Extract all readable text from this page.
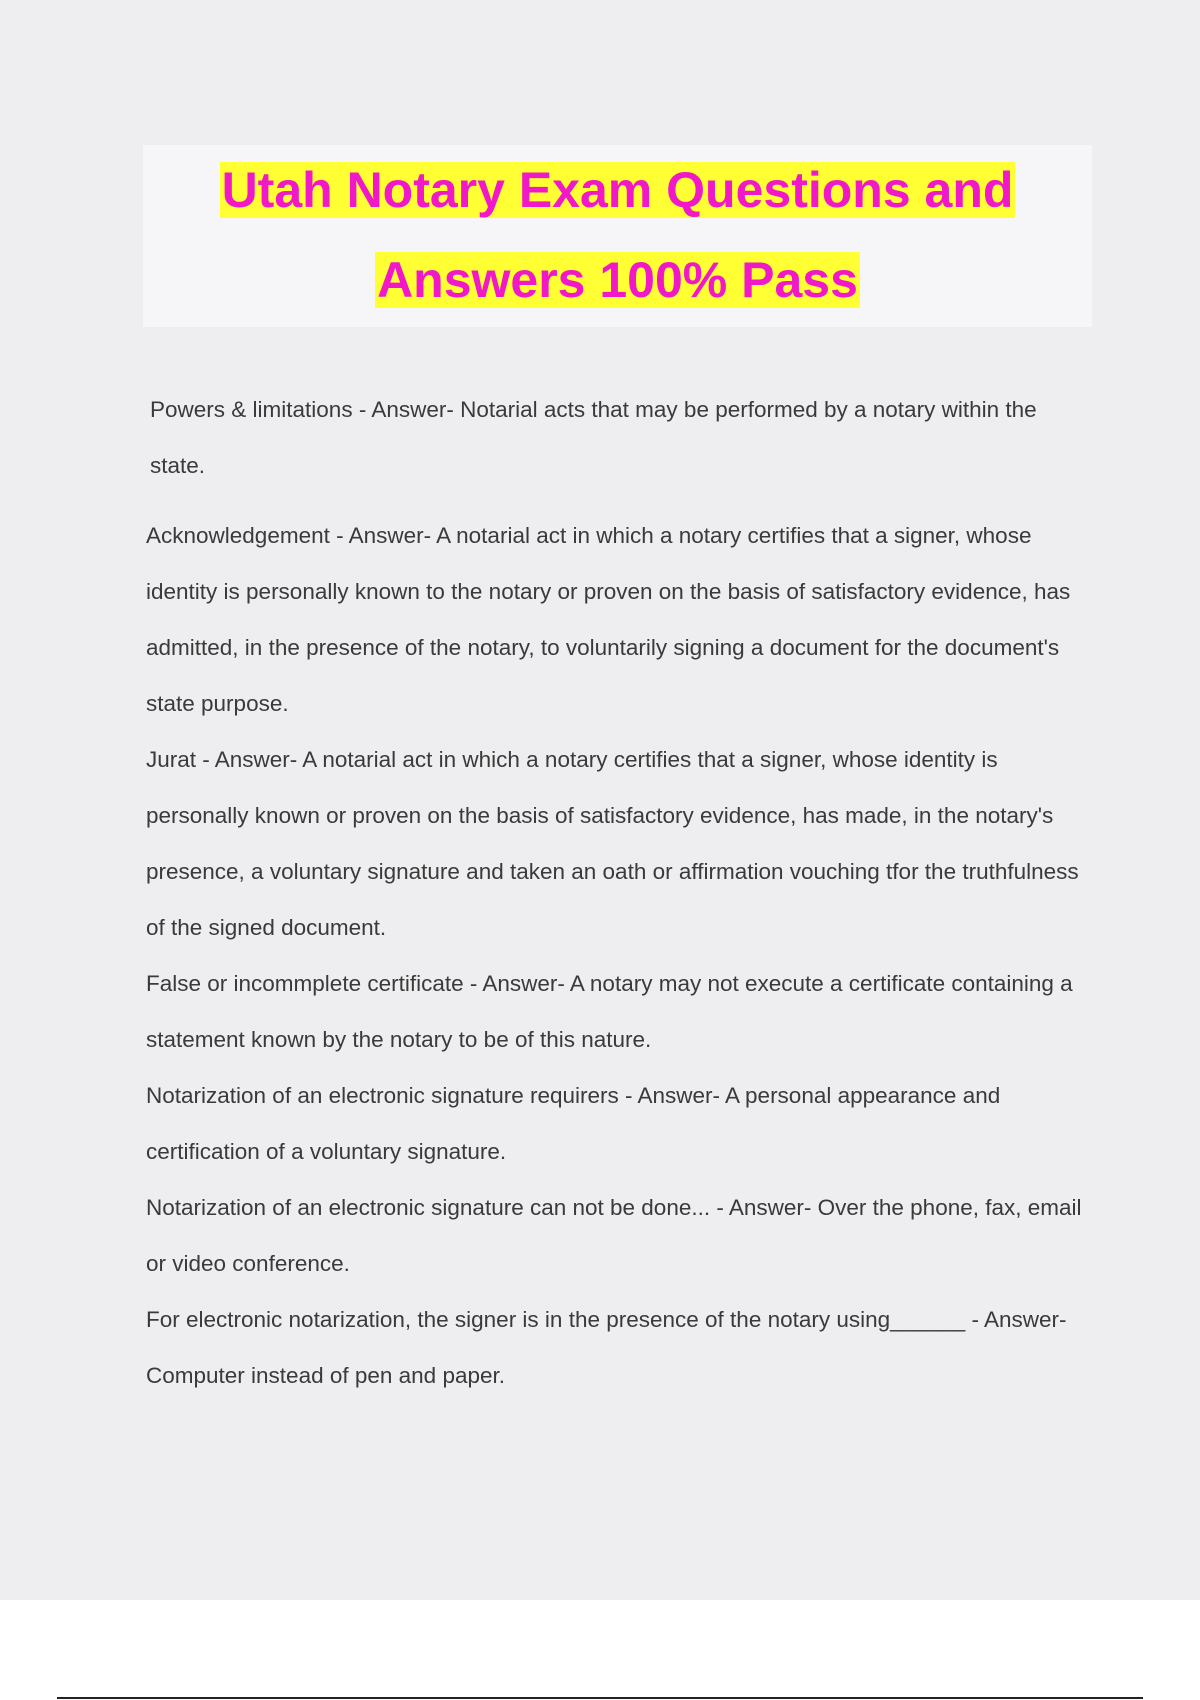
Utah Notary Exam Questions and
Answers 100% Pass

Powers & limitations - Answer- Notarial acts that may be performed by a notary within the state.

Acknowledgement - Answer- A notarial act in which a notary certifies that a signer, whose identity is personally known to the notary or proven on the basis of satisfactory evidence, has admitted, in the presence of the notary, to voluntarily signing a document for the document's state purpose.

Jurat - Answer- A notarial act in which a notary certifies that a signer, whose identity is personally known or proven on the basis of satisfactory evidence, has made, in the notary's presence, a voluntary signature and taken an oath or affirmation vouching tfor the truthfulness of the signed document.

False or incommplete certificate - Answer- A notary may not execute a certificate containing a statement known by the notary to be of this nature.

Notarization of an electronic signature requirers - Answer- A personal appearance and certification of a voluntary signature.

Notarization of an electronic signature can not be done... - Answer- Over the phone, fax, email or video conference.

For electronic notarization, the signer is in the presence of the notary using______ - Answer- Computer instead of pen and paper.
